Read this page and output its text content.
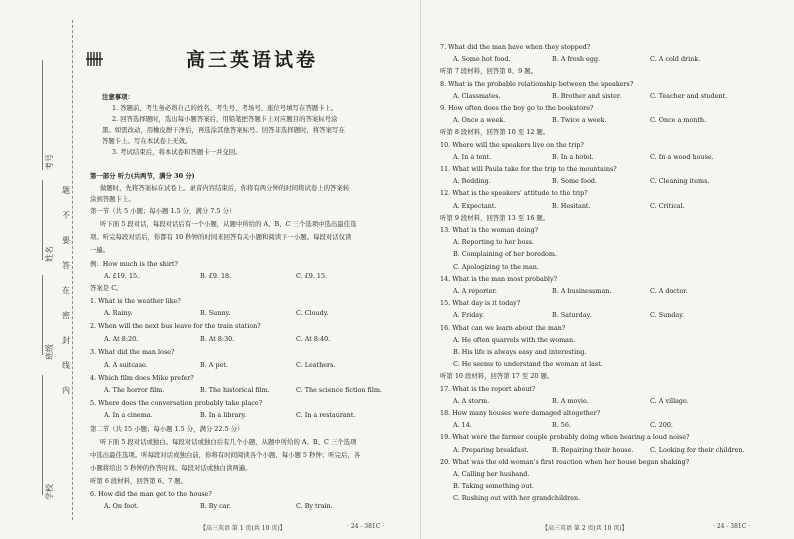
考号
姓名
班级
学校
题
不
要
答
在
密
封
线
内
高三英语试卷
注意事项：
1. 答题前，考生务必将自己的姓名、考生号、考场号、座位号填写在答题卡上。
2. 回答选择题时，选出每小题答案后，用铅笔把答题卡上对应题目的答案标号涂
黑。如需改动，用橡皮擦干净后，再选涂其他答案标号。回答非选择题时，将答案写在
答题卡上。写在本试卷上无效。
3. 考试结束后，将本试卷和答题卡一并交回。
第一部分 听力(共两节，满分 30 分)
做题时，先将答案标在试卷上。录音内容结束后，你将有两分钟的时间将试卷上的答案转
涂到答题卡上。
第一节（共 5 小题；每小题 1.5 分，满分 7.5 分）
听下面 5 段对话，每段对话后有一个小题，从题中所给的 A、B、C 三个选项中选出最佳选
项。听完每段对话后，你都有 10 秒钟的时间来回答有关小题和阅读下一小题。每段对话仅读
一遍。
例：How much is the shirt?
A. £19. 15.	B. £9. 18.	C. £9. 15.
答案是 C。
1. What is the weather like?
A. Rainy.	B. Sunny.	C. Cloudy.
2. When will the next bus leave for the train station?
A. At 8:20.	B. At 8:30.	C. At 8:40.
3. What did the man lose?
A. A suitcase.	B. A pet.	C. Leathers.
4. Which film does Mike prefer?
A. The horror film.	B. The historical film.	C. The science fiction film.
5. Where does the conversation probably take place?
A. In a cinema.	B. In a library.	C. In a restaurant.
第二节（共 15 小题；每小题 1.5 分，满分 22.5 分）
听下面 5 段对话或独白。每段对话或独白后有几个小题，从题中所给的 A、B、C 三个选项
中选出最佳选项。听每段对话或独白前，你将有时间阅读各个小题，每小题 5 秒钟；听完后，各
小题将给出 5 秒钟的作答时间。每段对话或独白读两遍。
听第 6 段材料，回答第 6、7 题。
6. How did the man get to the house?
A. On foot.	B. By car.	C. By train.
【高三英语 第 1 页(共 10 页)】	· 24 - 381C ·
7. What did the man have when they stopped?
A. Some hot food.	B. A fresh egg.	C. A cold drink.
听第 7 段材料，回答第 8、9 题。
8. What is the probable relationship between the speakers?
A. Classmates.	B. Brother and sister.	C. Teacher and student.
9. How often does the boy go to the bookstore?
A. Once a week.	B. Twice a week.	C. Once a month.
听第 8 段材料，回答第 10 至 12 题。
10. Where will the speakers live on the trip?
A. In a tent.	B. In a hotel.	C. In a wood house.
11. What will Paula take for the trip to the mountains?
A. Bedding.	B. Some food.	C. Cleaning items.
12. What is the speakers' attitude to the trip?
A. Expectant.	B. Hesitant.	C. Critical.
听第 9 段材料，回答第 13 至 16 题。
13. What is the woman doing?
A. Reporting to her boss.
B. Complaining of her boredom.
C. Apologizing to the man.
14. What is the man most probably?
A. A reporter.	B. A businessman.	C. A doctor.
15. What day is it today?
A. Friday.	B. Saturday.	C. Sunday.
16. What can we learn about the man?
A. He often quarrels with the woman.
B. His life is always easy and interesting.
C. He seems to understand the woman at last.
听第 10 段材料，回答第 17 至 20 题。
17. What is the report about?
A. A storm.	B. A movie.	C. A village.
18. How many houses were damaged altogether?
A. 14.	B. 56.	C. 200.
19. What were the farmer couple probably doing when hearing a loud noise?
A. Preparing breakfast.	B. Repairing their house.	C. Looking for their children.
20. What was the old woman's first reaction when her house began shaking?
A. Calling her husband.
B. Taking something out.
C. Rushing out with her grandchildren.
【高三英语 第 2 页(共 10 页)】	· 24 - 381C ·
